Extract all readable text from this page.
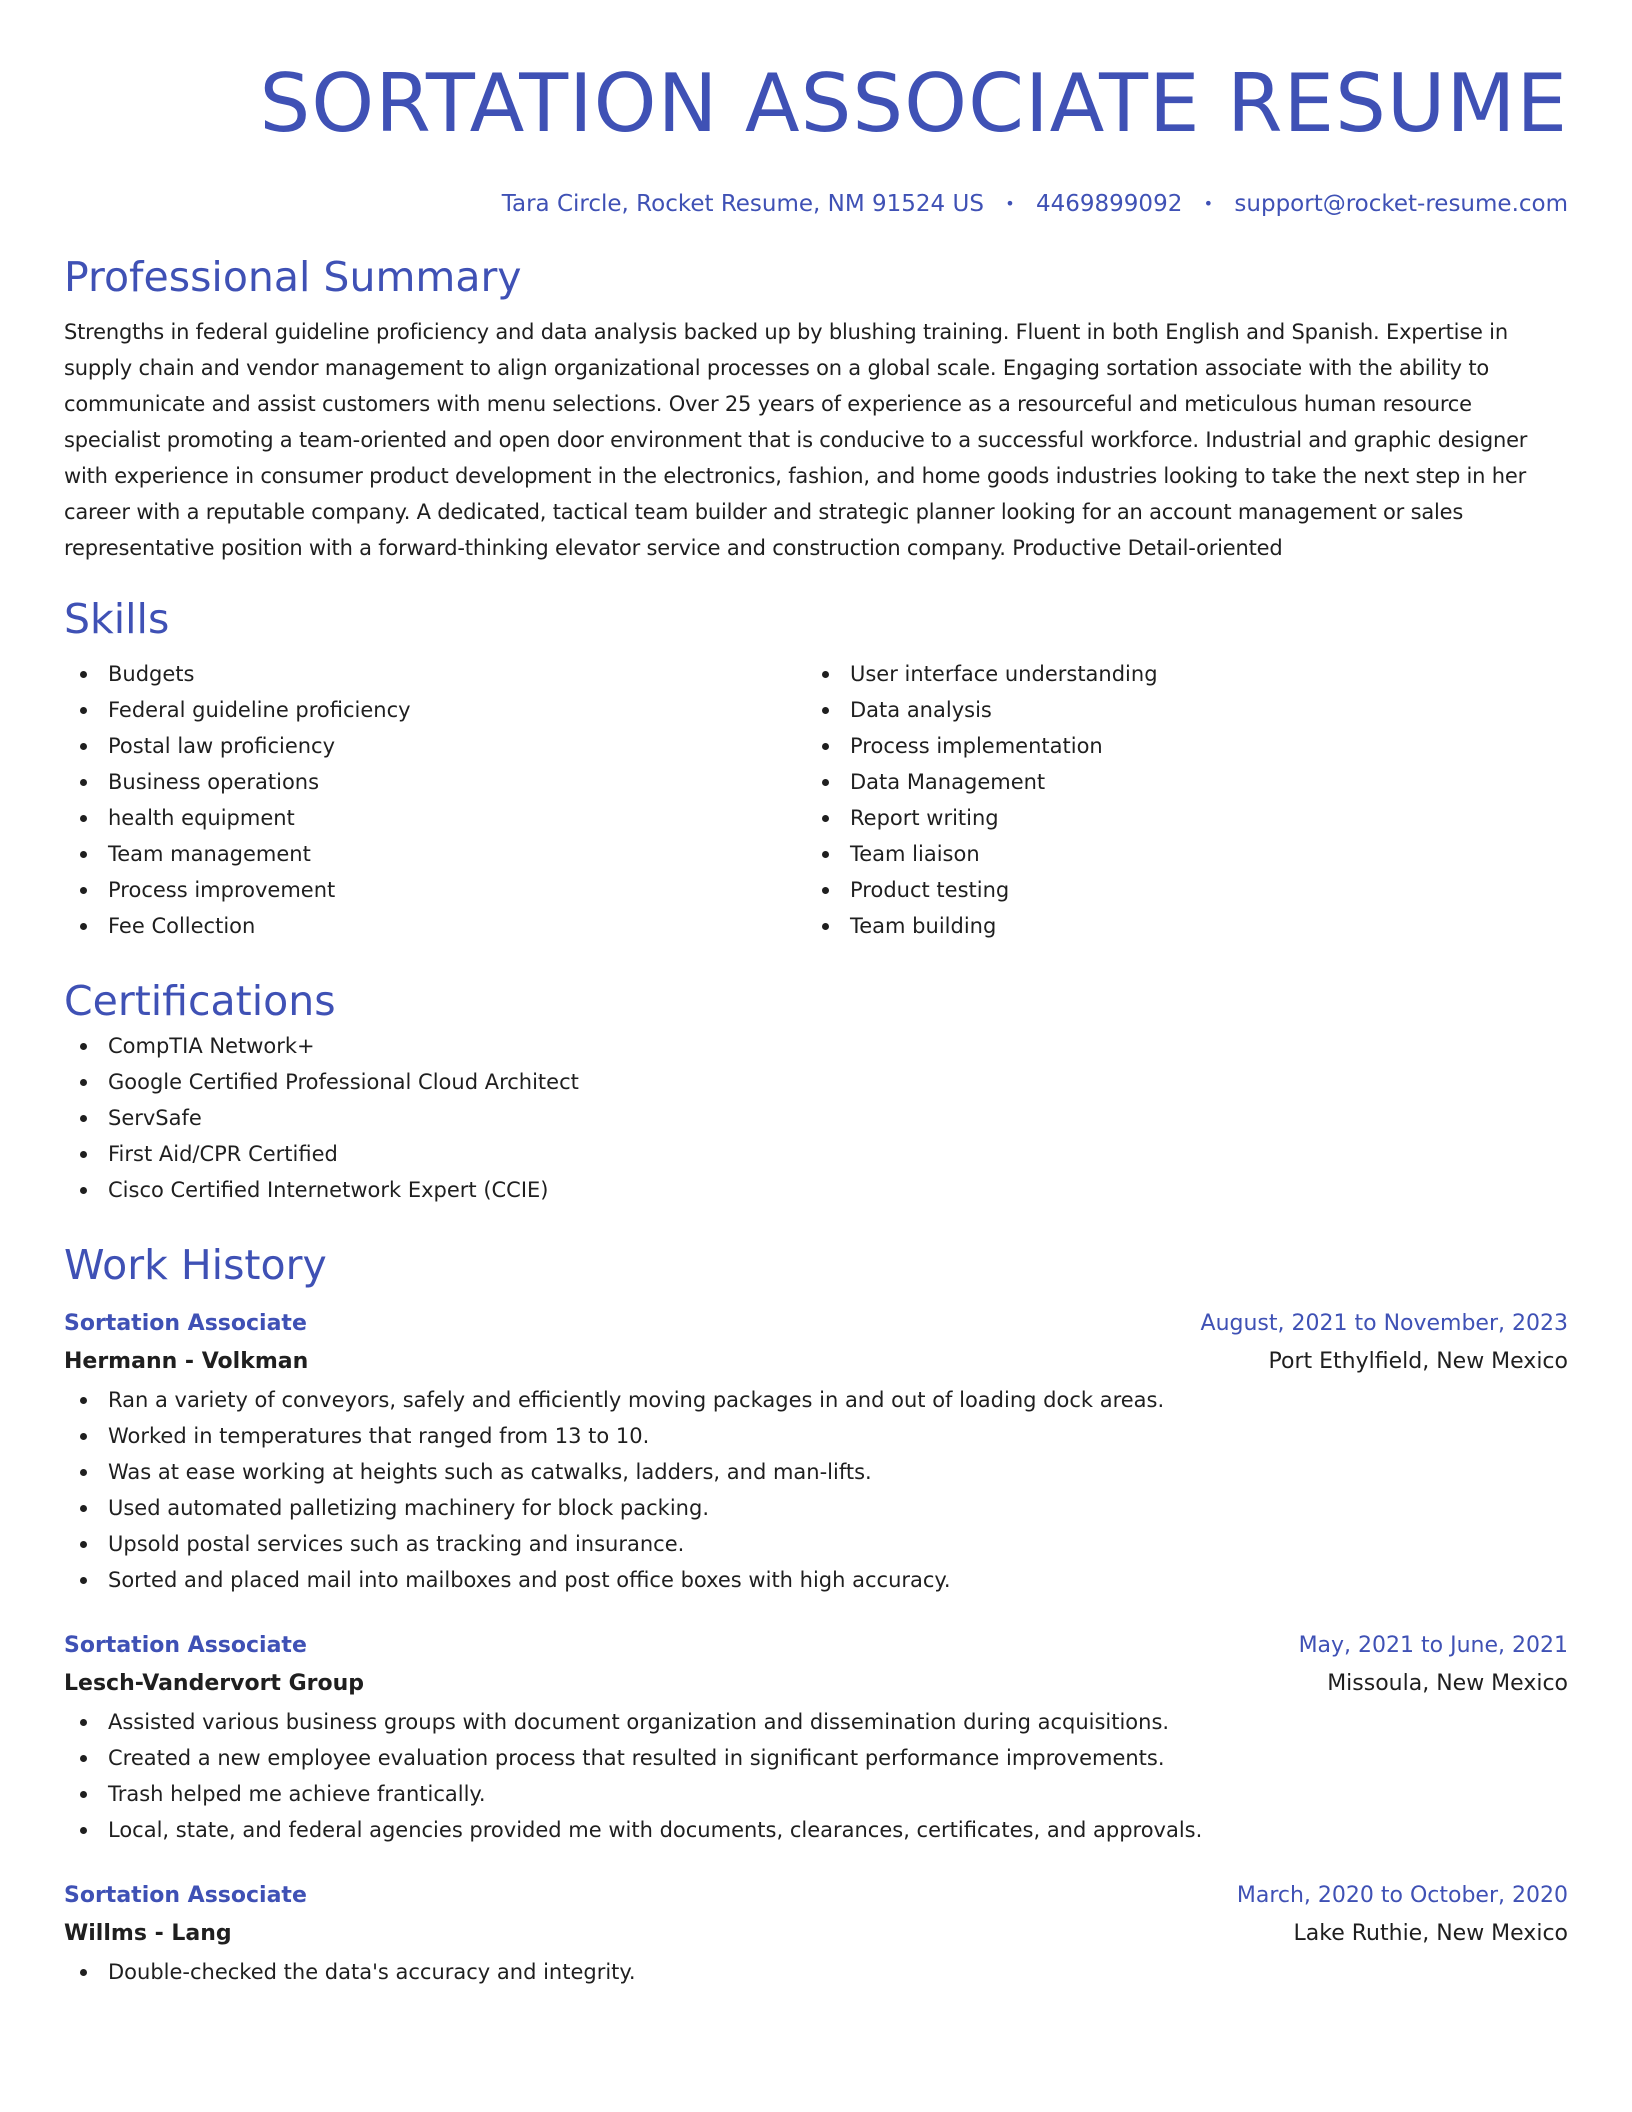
SORTATION ASSOCIATE RESUME
Tara Circle, Rocket Resume, NM 91524 US • 4469899092 • support@rocket-resume.com
Professional Summary

Strengths in federal guideline proficiency and data analysis backed up by blushing training. Fluent in both English and Spanish. Expertise in supply chain and vendor management to align organizational processes on a global scale. Engaging sortation associate with the ability to communicate and assist customers with menu selections. Over 25 years of experience as a resourceful and meticulous human resource specialist promoting a team-oriented and open door environment that is conducive to a successful workforce. Industrial and graphic designer with experience in consumer product development in the electronics, fashion, and home goods industries looking to take the next step in her career with a reputable company. A dedicated, tactical team builder and strategic planner looking for an account management or sales representative position with a forward-thinking elevator service and construction company. Productive Detail-oriented

Skills
Budgets
Federal guideline proficiency
Postal law proficiency
Business operations
health equipment
Team management
Process improvement
Fee Collection
User interface understanding
Data analysis
Process implementation
Data Management
Report writing
Team liaison
Product testing
Team building
Certifications
CompTIA Network+
Google Certified Professional Cloud Architect
ServSafe
First Aid/CPR Certified
Cisco Certified Internetwork Expert (CCIE)
Work History
Sortation Associate	August, 2021 to November, 2023
Hermann - Volkman	Port Ethylfield, New Mexico
Ran a variety of conveyors, safely and efficiently moving packages in and out of loading dock areas.
Worked in temperatures that ranged from 13 to 10.
Was at ease working at heights such as catwalks, ladders, and man-lifts.
Used automated palletizing machinery for block packing.
Upsold postal services such as tracking and insurance.
Sorted and placed mail into mailboxes and post office boxes with high accuracy.
Sortation Associate	May, 2021 to June, 2021
Lesch-Vandervort Group	Missoula, New Mexico
Assisted various business groups with document organization and dissemination during acquisitions.
Created a new employee evaluation process that resulted in significant performance improvements.
Trash helped me achieve frantically.
Local, state, and federal agencies provided me with documents, clearances, certificates, and approvals.
Sortation Associate	March, 2020 to October, 2020
Willms - Lang	Lake Ruthie, New Mexico
Double-checked the data's accuracy and integrity.
